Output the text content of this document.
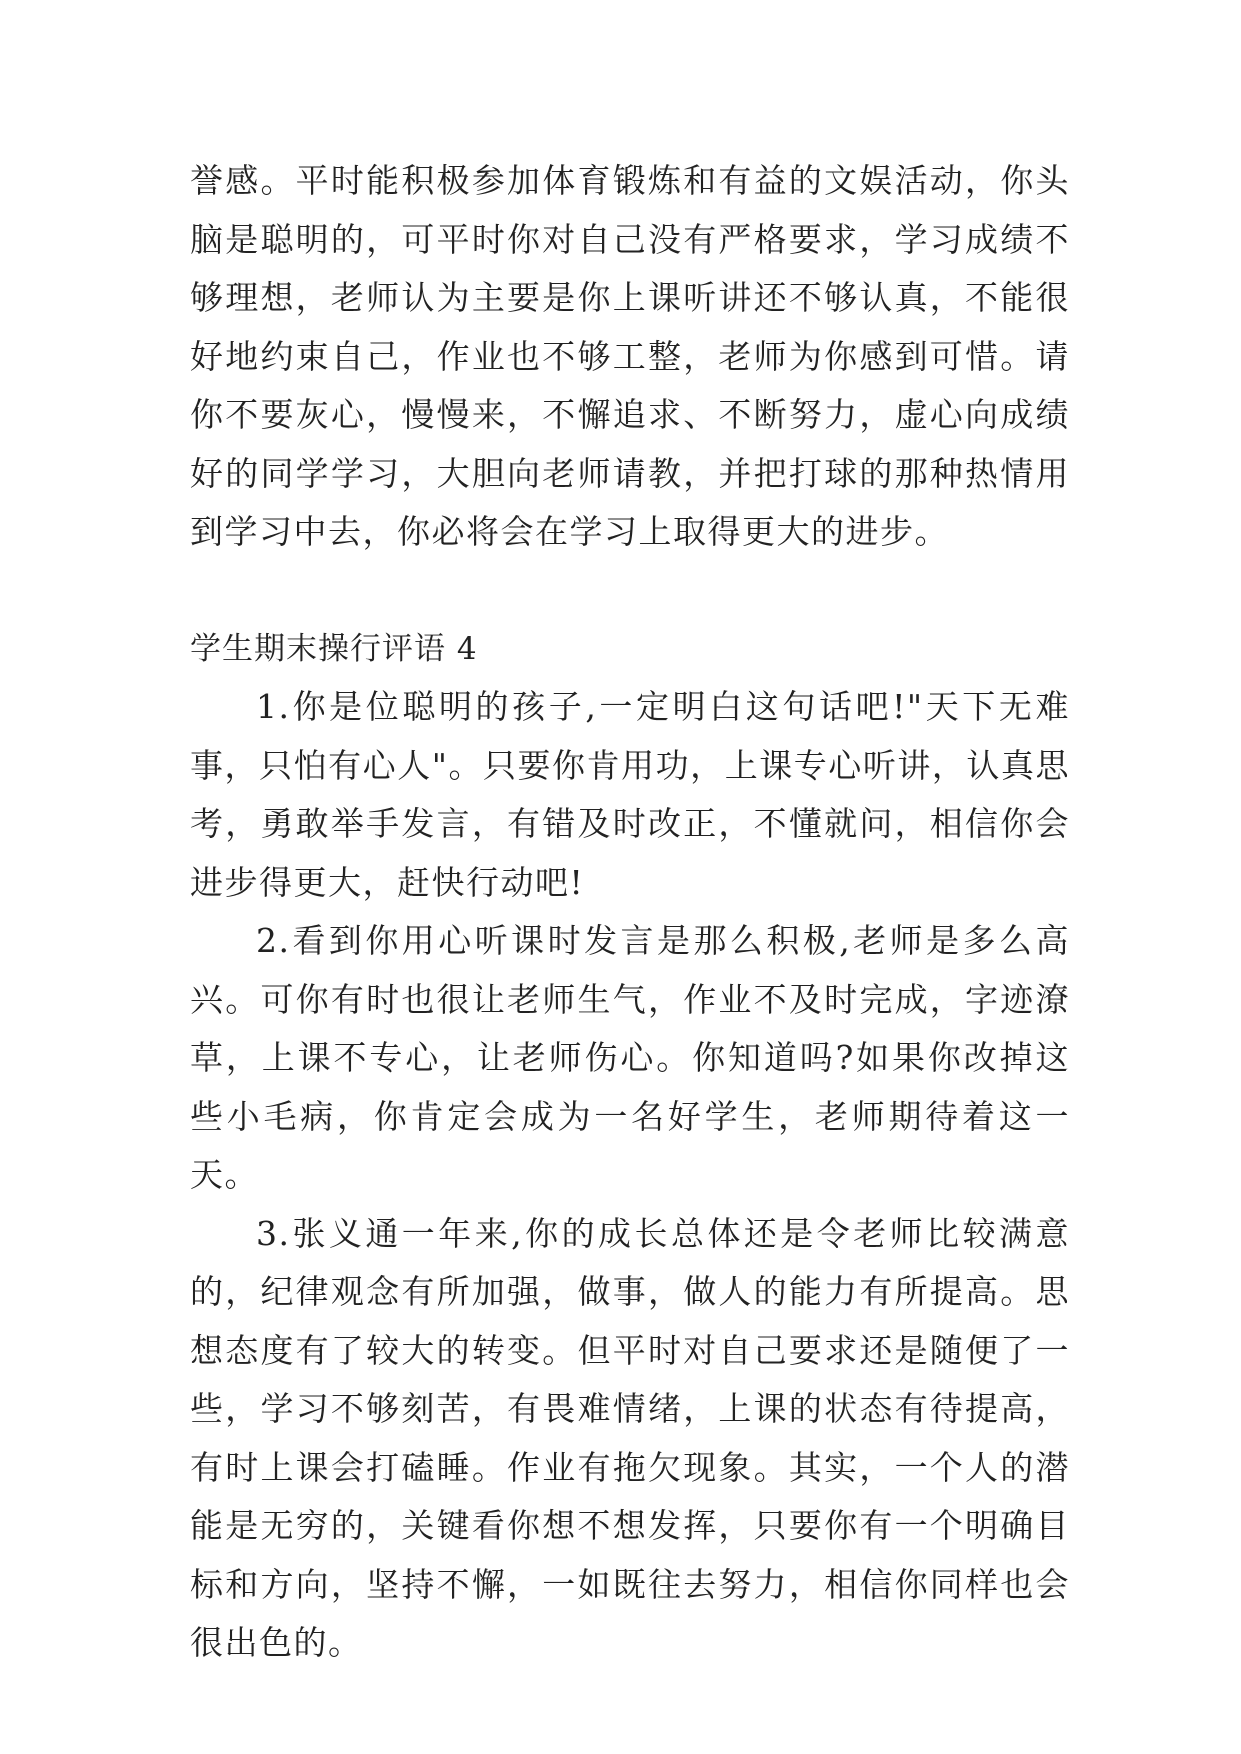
誉感。平时能积极参加体育锻炼和有益的文娱活动，你头脑是聪明的，可平时你对自己没有严格要求，学习成绩不够理想，老师认为主要是你上课听讲还不够认真，不能很好地约束自己，作业也不够工整，老师为你感到可惜。请你不要灰心，慢慢来，不懈追求、不断努力，虚心向成绩好的同学学习，大胆向老师请教，并把打球的那种热情用到学习中去，你必将会在学习上取得更大的进步。

学生期末操行评语 4

1.你是位聪明的孩子,一定明白这句话吧!"天下无难事，只怕有心人"。只要你肯用功，上课专心听讲，认真思考，勇敢举手发言，有错及时改正，不懂就问，相信你会进步得更大，赶快行动吧!

2.看到你用心听课时发言是那么积极,老师是多么高兴。可你有时也很让老师生气，作业不及时完成，字迹潦草，上课不专心，让老师伤心。你知道吗?如果你改掉这些小毛病，你肯定会成为一名好学生，老师期待着这一天。

3.张义通一年来,你的成长总体还是令老师比较满意的，纪律观念有所加强，做事，做人的能力有所提高。思想态度有了较大的转变。但平时对自己要求还是随便了一些，学习不够刻苦，有畏难情绪，上课的状态有待提高，有时上课会打磕睡。作业有拖欠现象。其实，一个人的潜能是无穷的，关键看你想不想发挥，只要你有一个明确目标和方向，坚持不懈，一如既往去努力，相信你同样也会很出色的。
